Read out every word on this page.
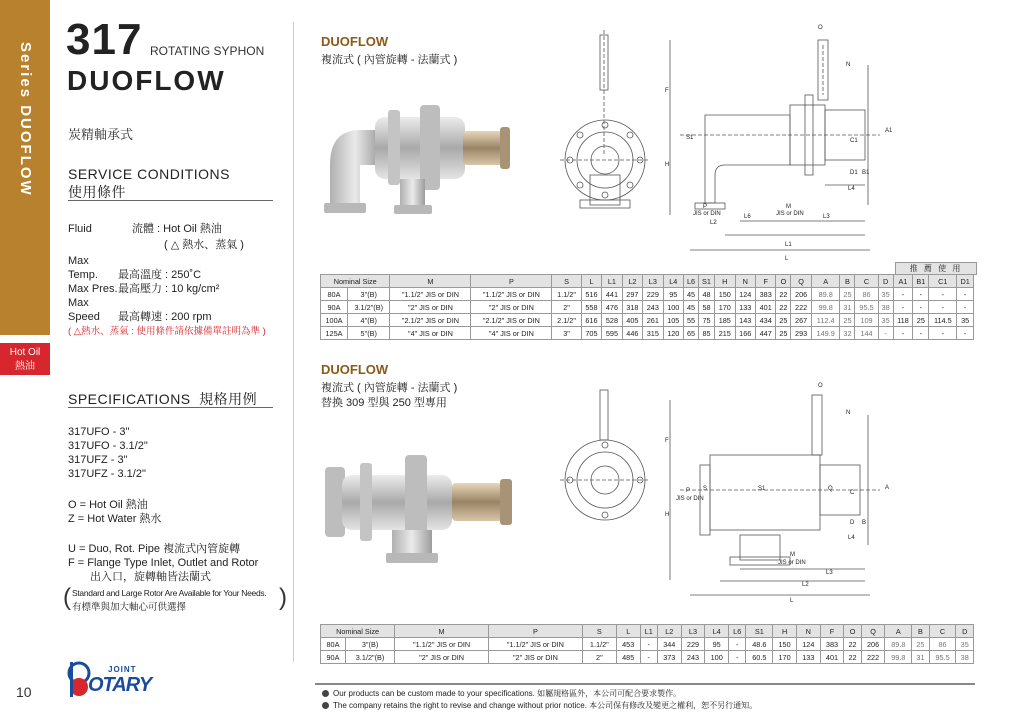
Series DUOFLOW
Hot Oil
熱油
10
317 ROTATING SYPHON
DUOFLOW
炭精軸承式
SERVICE CONDITIONS
使用條件
Fluid	流體 : Hot Oil 熱油
( △ 熱水、蒸氣 )
Max Temp. 最高溫度 : 250˚C
Max Pres.最高壓力 : 10 kg/cm²
Max Speed 最高轉速 : 200 rpm
( △熱水、蒸氣 : 使用條件請依據備單註明為準 )
SPECIFICATIONS 規格用例
317UFO - 3"
317UFO - 3.1/2"
317UFZ - 3"
317UFZ - 3.1/2"
O = Hot Oil 熱油
Z = Hot Water 熱水
U = Duo, Rot. Pipe 複流式內管旋轉
F = Flange Type Inlet, Outlet and Rotor
出入口，旋轉軸皆法蘭式
( Standard and Large Rotor Are Available for Your Needs.
有標準與加大軸心可供選擇	)
JOINT
OTARY
DUOFLOW
複流式 ( 內管旋轉 - 法蘭式 )
O
N
F
H
L2
L1
L
L3
L4
L6
S1
A1
C1
D1 B1
P
JIS or DIN
M
JIS or DIN
推 薦 使 用
Nominal Size		M	P	S	L	L1	L2	L3	L4	L6	S1	H	N	F	O	Q	A	B	C	D	A1	B1	C1	D1
80A	3"(B)	"1.1/2" JIS or DIN	"1.1/2" JIS or DIN	1.1/2"	516	441	297	229	95	45	48	150	124	383	22	206	89.8	25	86	35	-	-	-	-
90A	3.1/2"(B)	"2" JIS or DIN	"2" JIS or DIN	2"	558	476	318	243	100	45	58	170	133	401	22	222	99.8	31	95.5	38	-	-	-	-
100A	4"(B)	"2.1/2" JIS or DIN	"2.1/2" JIS or DIN	2.1/2"	616	528	405	261	105	55	75	185	143	434	25	267	112.4	25	109	35	118	25	114.5	35
125A	5"(B)	"4" JIS or DIN	"4" JIS or DIN	3"	705	595	446	315	120	65	85	215	166	447	25	293	149.9	32	144	-	-	-	-	-
DUOFLOW
複流式 ( 內管旋轉 - 法蘭式 )
替換 309 型與 250 型專用
O
N
F
H
M
JIS or DIN
L3
L2
L
L4
A
C
D B
P
JIS or DIN
S1
S	Q
Nominal Size		M	P	S	L	L1	L2	L3	L4	L6	S1	H	N	F	O	Q	A	B	C	D
80A	3"(B)	"1.1/2" JIS or DIN	"1.1/2" JIS or DIN	1.1/2"	453	-	344	229	95	-	48.6	150	124	383	22	206	89.8	25	86	35
90A	3.1/2"(B)	"2" JIS or DIN	"2" JIS or DIN	2"	485	-	373	243	100	-	60.5	170	133	401	22	222	99.8	31	95.5	38
Our products can be custom made to your specifications. 如屬規格區外，本公司可配合要求製作。
The company retains the right to revise and change without prior notice. 本公司保有修改及變更之權利，恕不另行通知。
